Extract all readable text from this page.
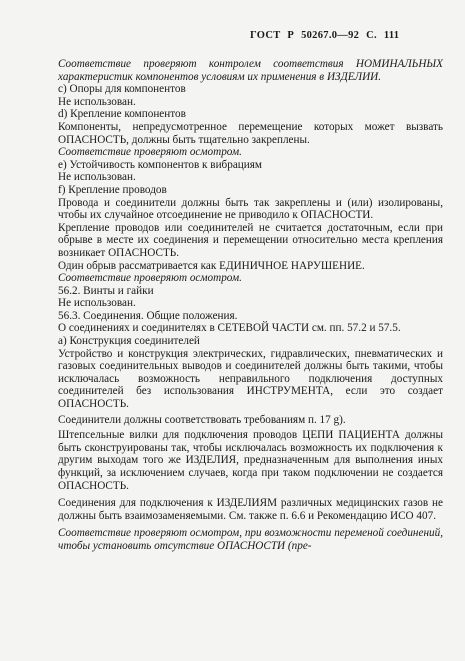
ГОСТ Р 50267.0—92 С. 111

Соответствие проверяют контролем соответствия НОМИНАЛЬНЫХ характеристик компонентов условиям их применения в ИЗДЕЛИИ.

c) Опоры для компонентов

Не использован.

d) Крепление компонентов

Компоненты, непредусмотренное перемещение которых может вызвать ОПАСНОСТЬ, должны быть тщательно закреплены.

Соответствие проверяют осмотром.

e) Устойчивость компонентов к вибрациям

Не использован.

f) Крепление проводов

Провода и соединители должны быть так закреплены и (или) изолированы, чтобы их случайное отсоединение не приводило к ОПАСНОСТИ.

Крепление проводов или соединителей не считается достаточным, если при обрыве в месте их соединения и перемещении относительно места крепления возникает ОПАСНОСТЬ.

Один обрыв рассматривается как ЕДИНИЧНОЕ НАРУШЕНИЕ.

Соответствие проверяют осмотром.

56.2. Винты и гайки

Не использован.

56.3. Соединения. Общие положения.

О соединениях и соединителях в СЕТЕВОЙ ЧАСТИ см. пп. 57.2 и 57.5.

а) Конструкция соединителей

Устройство и конструкция электрических, гидравлических, пневматических и газовых соединительных выводов и соединителей должны быть такими, чтобы исключалась возможность неправильного подключения доступных соединителей без использования ИНСТРУМЕНТА, если это создает ОПАСНОСТЬ.

Соединители должны соответствовать требованиям п. 17 g).

Штепсельные вилки для подключения проводов ЦЕПИ ПАЦИЕНТА должны быть сконструированы так, чтобы исключалась возможность их подключения к другим выходам того же ИЗДЕЛИЯ, предназначенным для выполнения иных функций, за исключением случаев, когда при таком подключении не создается ОПАСНОСТЬ.

Соединения для подключения к ИЗДЕЛИЯМ различных медицинских газов не должны быть взаимозаменяемыми. См. также п. 6.6 и Рекомендацию ИСО 407.

Соответствие проверяют осмотром, при возможности переменой соединений, чтобы установить отсутствие ОПАСНОСТИ (пре-
